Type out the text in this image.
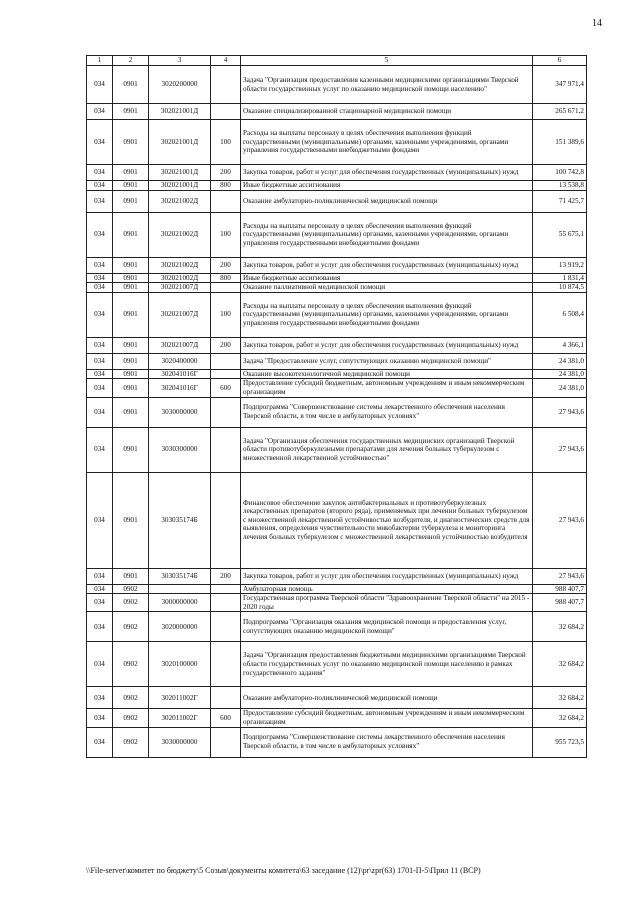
14
1	2	3	4	5	6
034	0901	3020200000		Задача "Организация предоставления казенными медицинскими организациями Тверской области государственных услуг по оказанию медицинской помощи населению"	347 971,4
034	0901	302021001Д		Оказание специализированной стационарной медицинской помощи	265 671,2
034	0901	302021001Д	100	Расходы на выплаты персоналу в целях обеспечения выполнения функций государственными (муниципальными) органами, казенными учреждениями, органами управления государственными внебюджетными фондами	151 389,6
034	0901	302021001Д	200	Закупка товаров, работ и услуг для обеспечения государственных (муниципальных) нужд	100 742,8
034	0901	302021001Д	800	Иные бюджетные ассигнования	13 538,8
034	0901	302021002Д		Оказание амбулаторно-поликлинической медицинской помощи	71 425,7
034	0901	302021002Д	100	Расходы на выплаты персоналу в целях обеспечения выполнения функций государственными (муниципальными) органами, казенными учреждениями, органами управления государственными внебюджетными фондами	55 675,1
034	0901	302021002Д	200	Закупка товаров, работ и услуг для обеспечения государственных (муниципальных) нужд	13 919,2
034	0901	302021002Д	800	Иные бюджетные ассигнования	1 831,4
034	0901	302021007Д		Оказание паллиативной медицинской помощи	10 874,5
034	0901	302021007Д	100	Расходы на выплаты персоналу в целях обеспечения выполнения функций государственными (муниципальными) органами, казенными учреждениями, органами управления государственными внебюджетными фондами	6 508,4
034	0901	302021007Д	200	Закупка товаров, работ и услуг для обеспечения государственных (муниципальных) нужд	4 366,1
034	0901	3020400000		Задача "Предоставление услуг, сопутствующих оказанию медицинской помощи"	24 381,0
034	0901	302041016Г		Оказание высокотехнологичной медицинской помощи	24 381,0
034	0901	302041016Г	600	Предоставление субсидий бюджетным, автономным учреждениям и иным некоммерческим организациям	24 381,0
034	0901	3030000000		Подпрограмма "Совершенствование системы лекарственного обеспечения населения Тверской области, в том числе в амбулаторных условиях"	27 943,6
034	0901	3030300000		Задача "Организация обеспечения государственных медицинских организаций Тверской области противотуберкулезными препаратами для лечения больных туберкулезом с множественной лекарственной устойчивостью"	27 943,6
034	0901	303035174Б		Финансовое обеспечение закупок антибактериальных и противотуберкулезных лекарственных препаратов (второго ряда), применяемых при лечении больных туберкулезом с множественной лекарственной устойчивостью возбудителя, и диагностических средств для выявления, определения чувствительности микобактерии туберкулеза и мониторинга лечения больных туберкулезом с множественной лекарственной устойчивостью возбудителя	27 943,6
034	0901	303035174Б	200	Закупка товаров, работ и услуг для обеспечения государственных (муниципальных) нужд	27 943,6
034	0902			Амбулаторная помощь	988 407,7
034	0902	3000000000		Государственная программа Тверской области "Здравоохранение Тверской области" на 2015 - 2020 годы	988 407,7
034	0902	3020000000		Подпрограмма "Организация оказания медицинской помощи и предоставления услуг, сопутствующих оказанию медицинской помощи"	32 684,2
034	0902	3020100000		Задача "Организация предоставления бюджетными медицинскими организациями Тверской области государственных услуг по оказанию медицинской помощи населению в рамках государственного задания"	32 684,2
034	0902	302011002Г		Оказание амбулаторно-поликлинической медицинской помощи	32 684,2
034	0902	302011002Г	600	Предоставление субсидий бюджетным, автономным учреждениям и иным некоммерческим организациям	32 684,2
034	0902	3030000000		Подпрограмма "Совершенствование системы лекарственного обеспечения населения Тверской области, в том числе в амбулаторных условиях"	955 723,5
\\File-server\комитет по бюджету\5 Созыв\документы комитета\63 заседание (12)\pr\zpr(63) 1701-П-5\Прил 11 (ВСР)
